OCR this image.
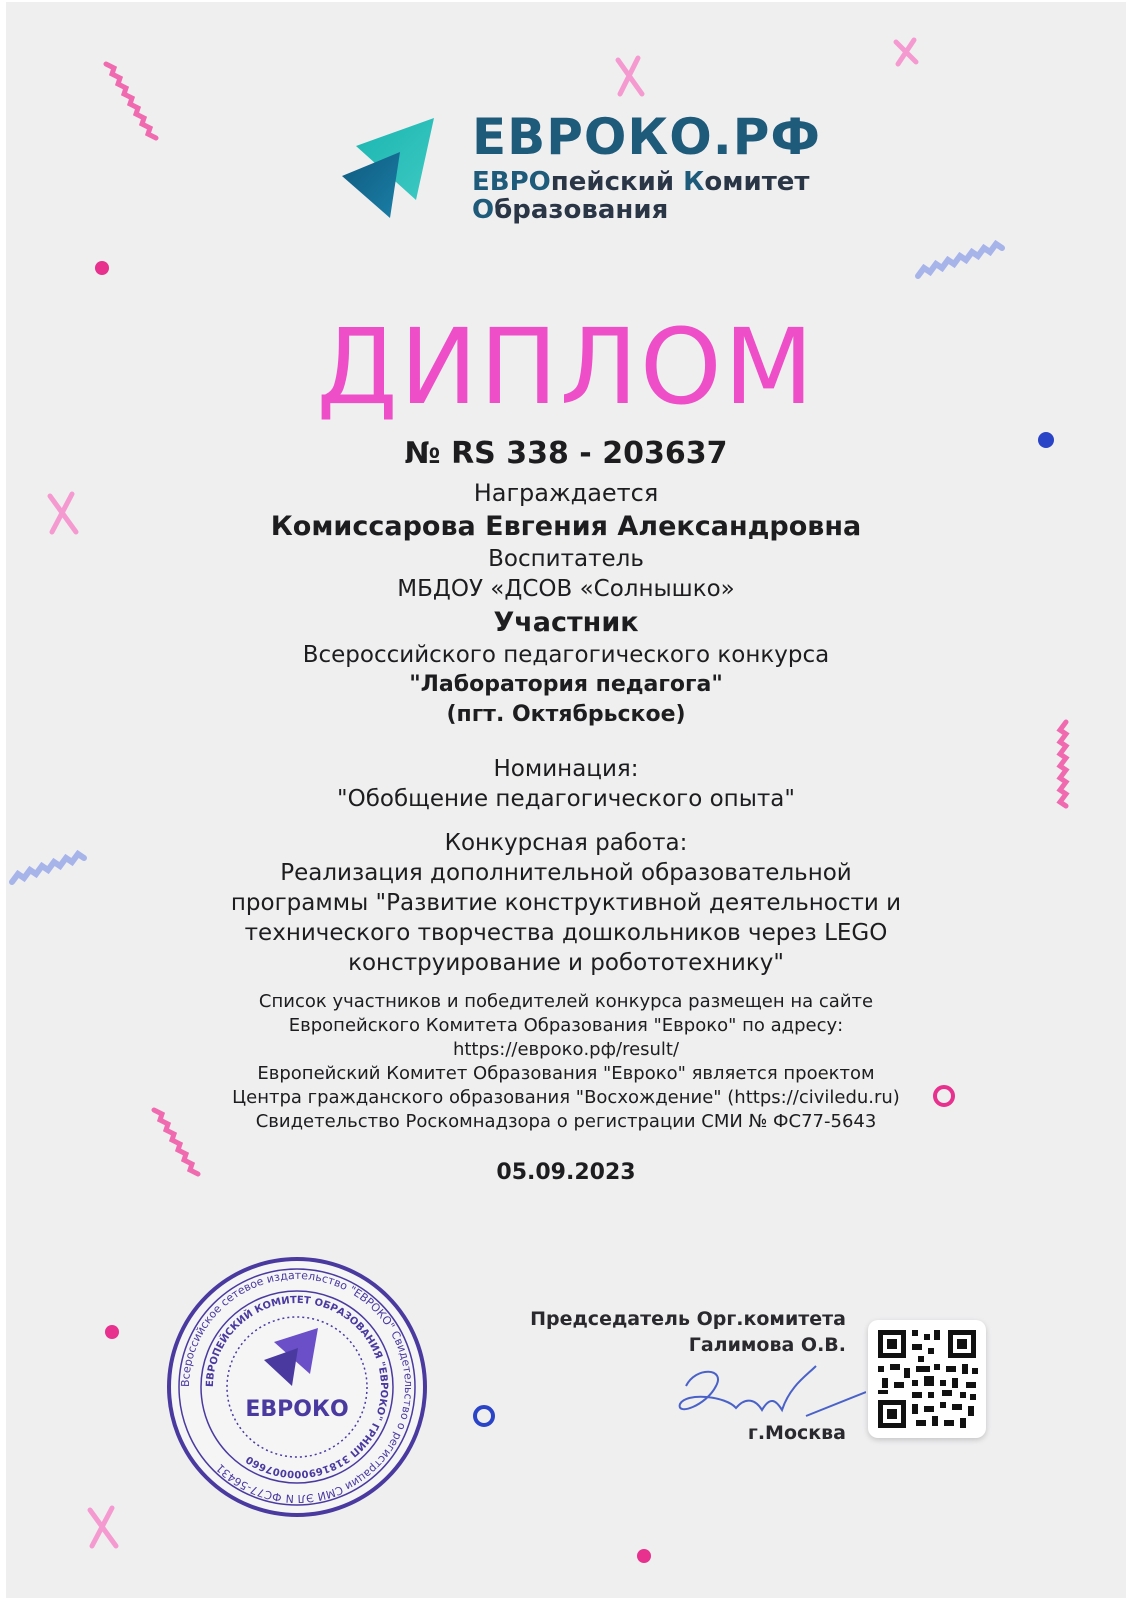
ЕВРОКО.РФ
ЕВРОпейский Комитет
Образования
ДИПЛОМ
№ RS 338 - 203637
Награждается
Комиссарова Евгения Александровна
Воспитатель
МБДОУ «ДСОВ «Солнышко»
Участник
Всероссийского педагогического конкурса
"Лаборатория педагога"
(пгт. Октябрьское)
Номинация:
"Обобщение педагогического опыта"
Конкурсная работа:
Реализация дополнительной образовательной
программы "Развитие конструктивной деятельности и
технического творчества дошкольников через LEGO
конструирование и робототехнику"
Список участников и победителей конкурса размещен на сайте
Европейского Комитета Образования "Евроко" по адресу:
https://евроко.рф/result/
Европейский Комитет Образования "Евроко" является проектом
Центра гражданского образования "Восхождение" (https://civiledu.ru)
Свидетельство Роскомнадзора о регистрации СМИ № ФС77-5643
05.09.2023
Всероссийское сетевое издательство "ЕВРОКО" Свидетельство о регистрации СМИ ЭЛ N ФС77-56431
ЕВРОПЕЙСКИЙ КОМИТЕТ ОБРАЗОВАНИЯ "ЕВРОКО" ГРНИП 318169000007660
ЕВРОКО
Председатель Орг.комитета
Галимова О.В.
г.Москва
